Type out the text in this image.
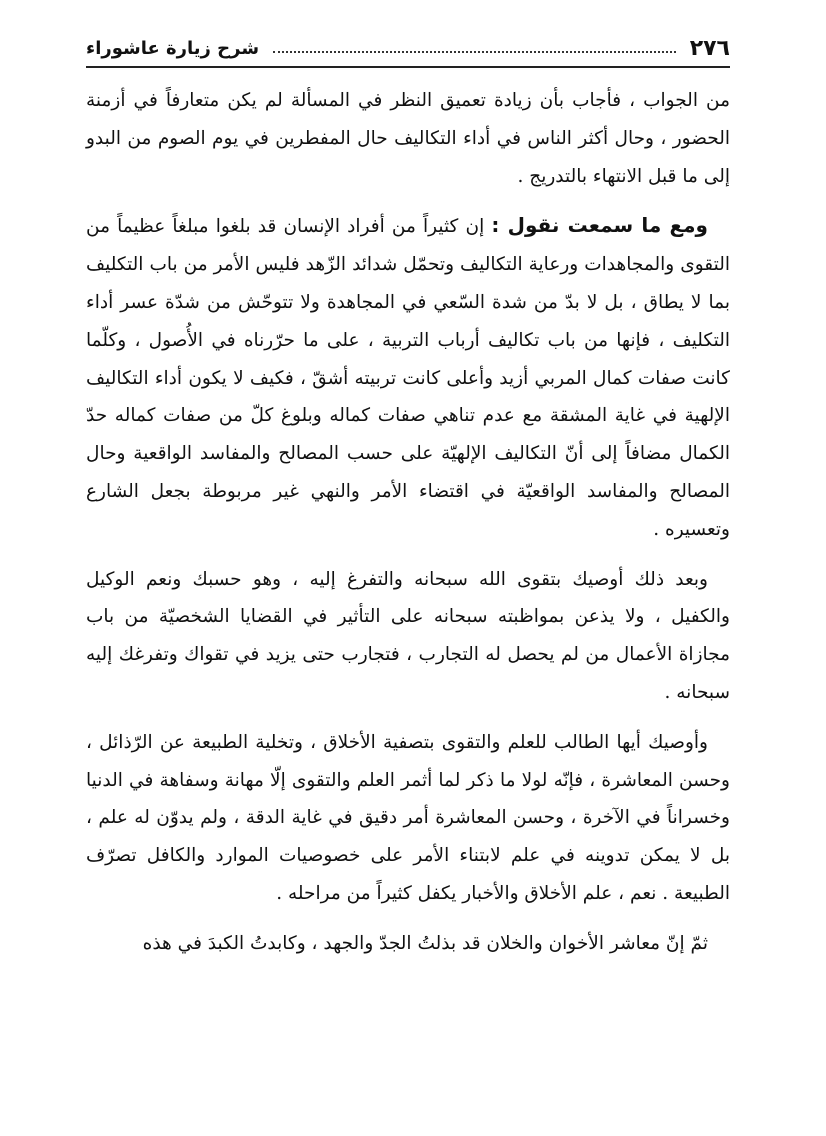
٢٧٦
شرح زيارة عاشوراء

من الجواب ، فأجاب بأن زيادة تعميق النظر في المسألة لم يكن متعارفاً في أزمنة الحضور ، وحال أكثر الناس في أداء التكاليف حال المفطرين في يوم الصوم من البدو إلى ما قبل الانتهاء بالتدريج .

ومع ما سمعت نقول : إن كثيراً من أفراد الإنسان قد بلغوا مبلغاً عظيماً من التقوى والمجاهدات ورعاية التكاليف وتحمّل شدائد الزّهد فليس الأمر من باب التكليف بما لا يطاق ، بل لا بدّ من شدة السّعي في المجاهدة ولا تتوحّش من شدّة عسر أداء التكليف ، فإنها من باب تكاليف أرباب التربية ، على ما حرّرناه في الأُصول ، وكلّما كانت صفات كمال المربي أزيد وأعلى كانت تربيته أشقّ ، فكيف لا يكون أداء التكاليف الإلهية في غاية المشقة مع عدم تناهي صفات كماله وبلوغ كلّ من صفات كماله حدّ الكمال مضافاً إلى أنّ التكاليف الإلهيّة على حسب المصالح والمفاسد الواقعية وحال المصالح والمفاسد الواقعيّة في اقتضاء الأمر والنهي غير مربوطة بجعل الشارع وتعسيره .

وبعد ذلك أوصيك بتقوى الله سبحانه والتفرغ إليه ، وهو حسبك ونعم الوكيل والكفيل ، ولا يذعن بمواظبته سبحانه على التأثير في القضايا الشخصيّة من باب مجازاة الأعمال من لم يحصل له التجارب ، فتجارب حتى يزيد في تقواك وتفرغك إليه سبحانه .

وأوصيك أيها الطالب للعلم والتقوى بتصفية الأخلاق ، وتخلية الطبيعة عن الرّذائل ، وحسن المعاشرة ، فإنّه لولا ما ذكر لما أثمر العلم والتقوى إلّا مهانة وسفاهة في الدنيا وخسراناً في الآخرة ، وحسن المعاشرة أمر دقيق في غاية الدقة ، ولم يدوّن له علم ، بل لا يمكن تدوينه في علم لابتناء الأمر على خصوصيات الموارد والكافل تصرّف الطبيعة . نعم ، علم الأخلاق والأخبار يكفل كثيراً من مراحله .

ثمّ إنّ معاشر الأخوان والخلان قد بذلتُ الجدّ والجهد ، وكابدتُ الكبدَ في هذه
